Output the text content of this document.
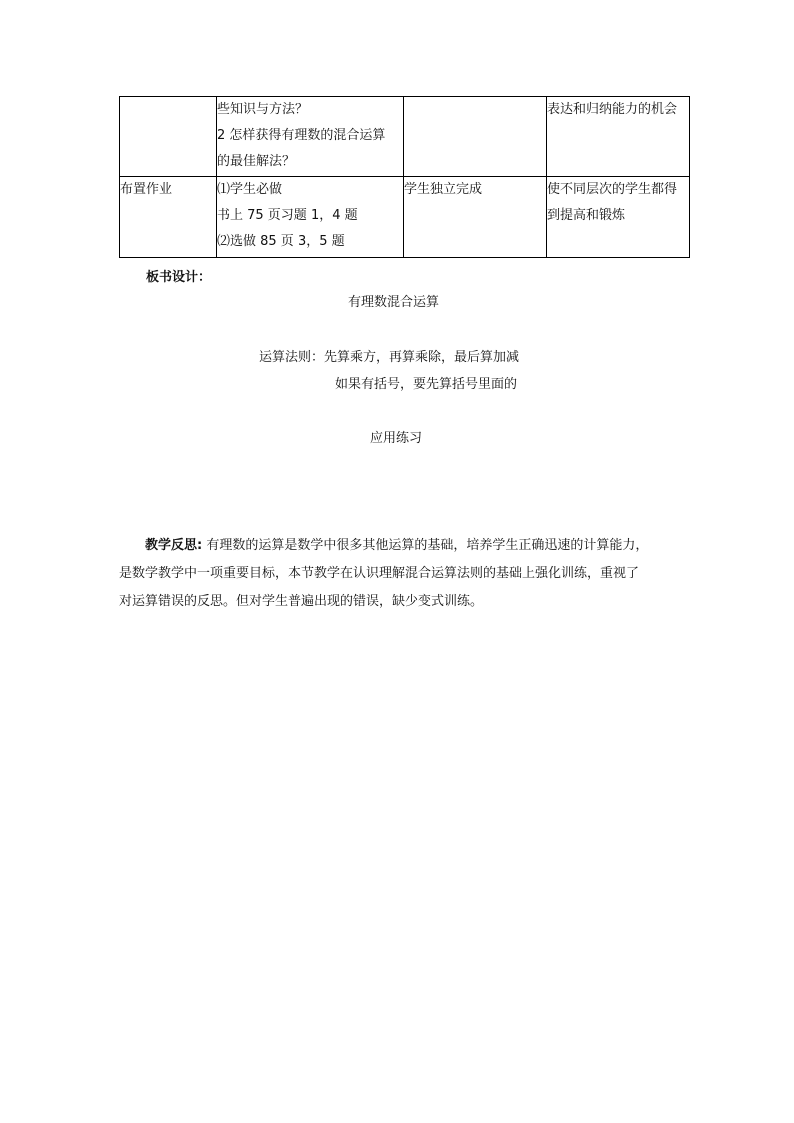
	些知识与方法？
2 怎样获得有理数的混合运算
的最佳解法？		表达和归纳能力的机会

布置作业	⑴学生必做
书上 75 页习题 1，4 题
⑵选做 85 页 3，5 题	学生独立完成	使不同层次的学生都得
到提高和锻炼
板书设计：
有理数混合运算
运算法则：先算乘方，再算乘除，最后算加减
如果有括号，要先算括号里面的
应用练习
教学反思: 有理数的运算是数学中很多其他运算的基础，培养学生正确迅速的计算能力，
是数学教学中一项重要目标，本节教学在认识理解混合运算法则的基础上强化训练，重视了
对运算错误的反思。但对学生普遍出现的错误，缺少变式训练。
